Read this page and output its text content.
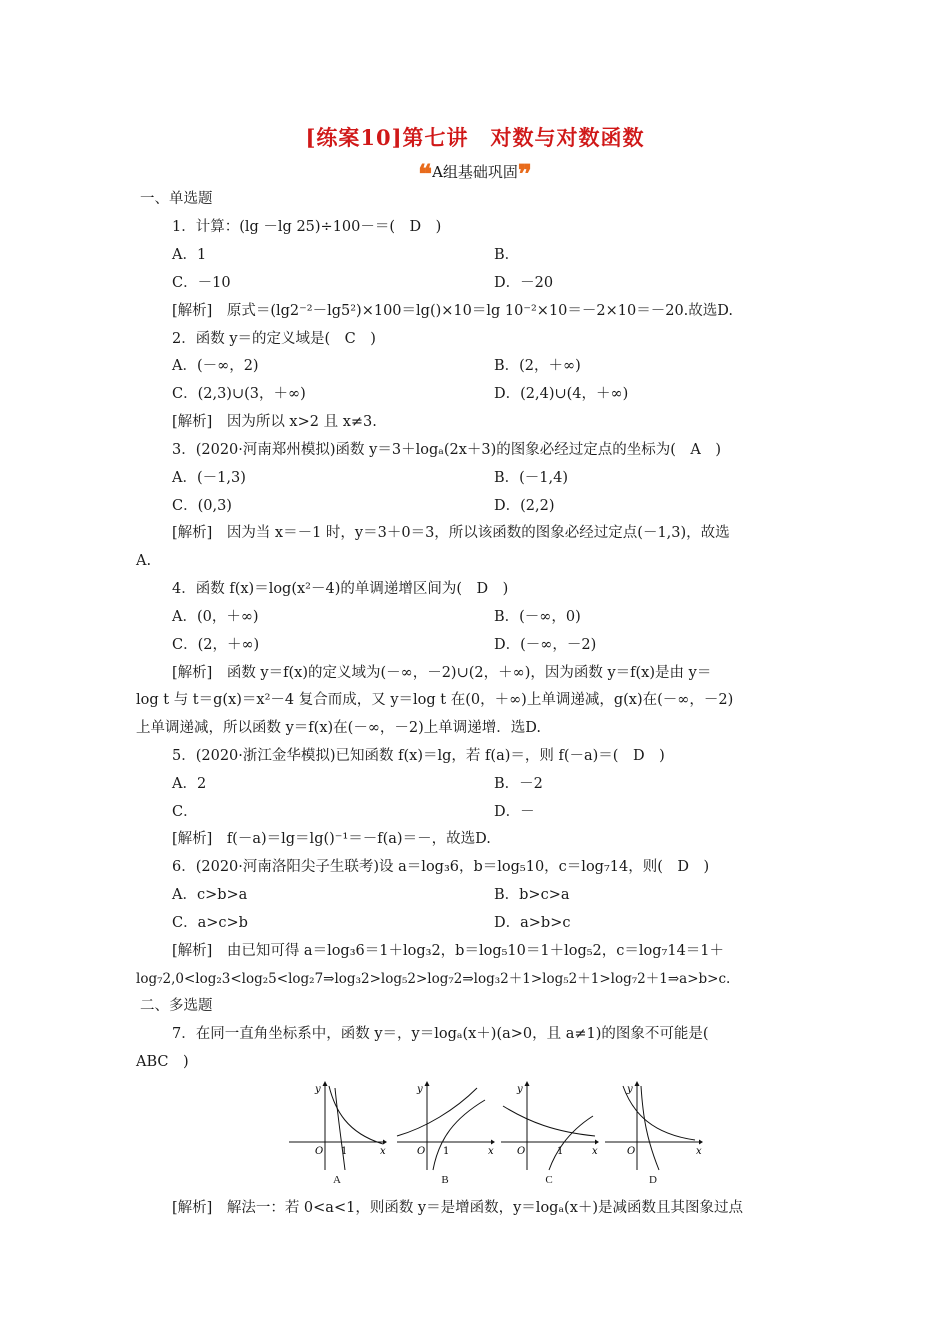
[练案10]第七讲　对数与对数函数
❝A组基础巩固❞
一、单选题
1．计算：(lg －lg 25)÷100－＝(　D　)
A．1	B．
C．－10	D．－20
[解析]　原式＝(lg2⁻²－lg5²)×100＝lg()×10＝lg 10⁻²×10＝－2×10＝－20.故选D.
2．函数 y＝的定义域是(　C　)
A．(－∞，2)	B．(2，＋∞)
C．(2,3)∪(3，＋∞)	D．(2,4)∪(4，＋∞)
[解析]　因为所以 x>2 且 x≠3.
3．(2020·河南郑州模拟)函数 y＝3＋logₐ(2x＋3)的图象必经过定点的坐标为(　A　)
A．(－1,3)	B．(－1,4)
C．(0,3)	D．(2,2)
[解析]　因为当 x＝－1 时，y＝3＋0＝3，所以该函数的图象必经过定点(－1,3)，故选
A.
4．函数 f(x)＝log(x²－4)的单调递增区间为(　D　)
A．(0，＋∞)	B．(－∞，0)
C．(2，＋∞)	D．(－∞，－2)
[解析]　函数 y＝f(x)的定义域为(－∞，－2)∪(2，＋∞)，因为函数 y＝f(x)是由 y＝
log t 与 t＝g(x)＝x²－4 复合而成，又 y＝log t 在(0，＋∞)上单调递减，g(x)在(－∞，－2)
上单调递减，所以函数 y＝f(x)在(－∞，－2)上单调递增．选D.
5．(2020·浙江金华模拟)已知函数 f(x)＝lg，若 f(a)＝，则 f(－a)＝(　D　)
A．2	B．－2
C．	D．－
[解析]　f(－a)＝lg＝lg()⁻¹＝－f(a)＝－，故选D.
6．(2020·河南洛阳尖子生联考)设 a＝log₃6，b＝log₅10，c＝log₇14，则(　D　)
A．c>b>a	B．b>c>a
C．a>c>b	D．a>b>c
[解析]　由已知可得 a＝log₃6＝1＋log₃2，b＝log₅10＝1＋log₅2，c＝log₇14＝1＋
log₇2,0<log₂3<log₂5<log₂7⇒log₃2>log₅2>log₇2⇒log₃2＋1>log₅2＋1>log₇2＋1⇒a>b>c.
二、多选题
7．在同一直角坐标系中，函数 y＝，y＝logₐ(x＋)(a>0，且 a≠1)的图象不可能是(
ABC　)
y
x
O 1
A
y
x
O 1
B
y
x
O	1
C
y
x
O
D
[解析]　解法一：若 0<a<1，则函数 y＝是增函数，y＝logₐ(x＋)是减函数且其图象过点
